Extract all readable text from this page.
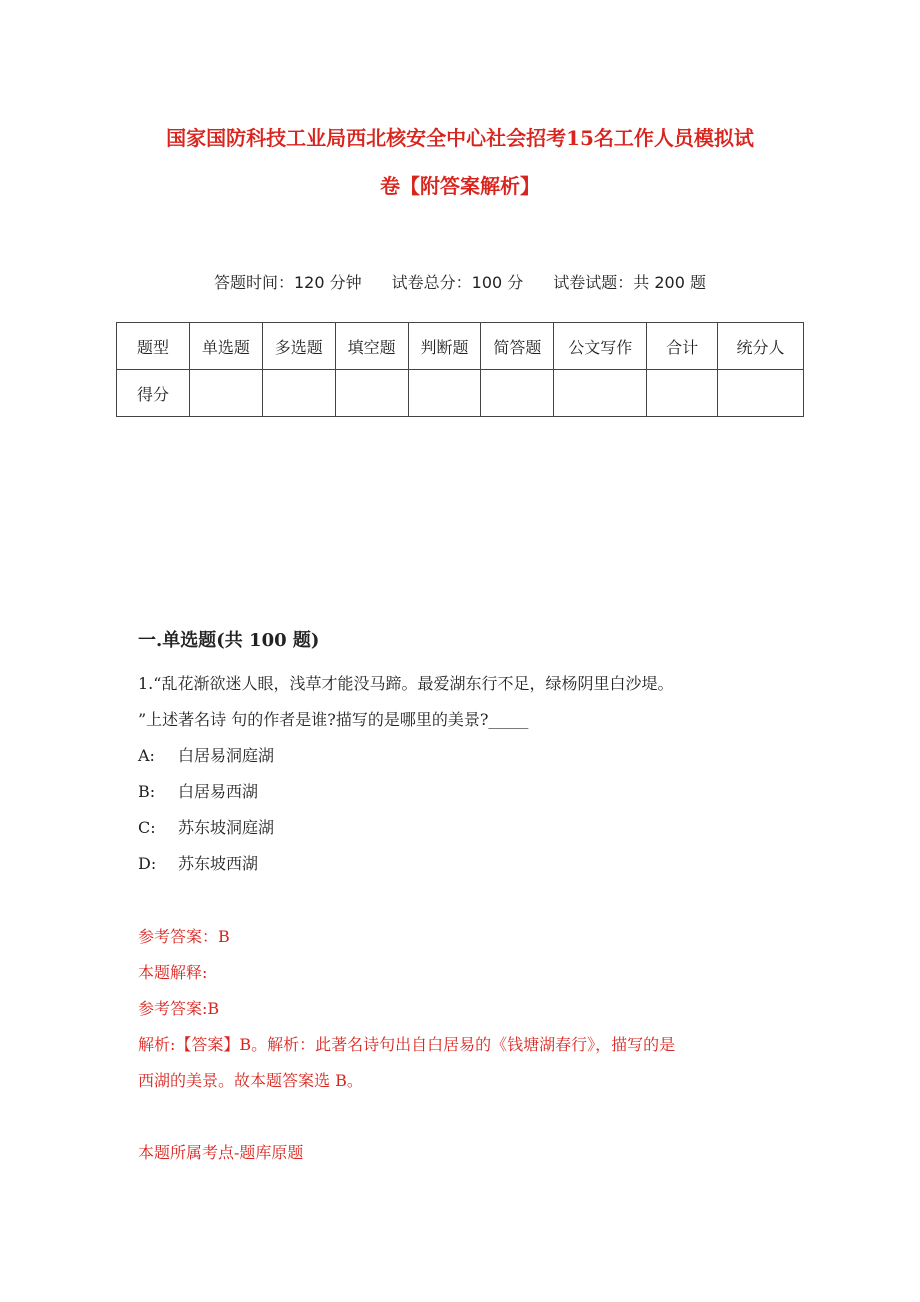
国家国防科技工业局西北核安全中心社会招考15名工作人员模拟试
卷【附答案解析】
答题时间：120 分钟 试卷总分：100 分 试卷试题：共 200 题
题型	单选题	多选题	填空题	判断题	简答题	公文写作	合计	统分人
得分								
一.单选题(共 100 题)
1.“乱花渐欲迷人眼，浅草才能没马蹄。最爱湖东行不足，绿杨阴里白沙堤。
”上述著名诗 句的作者是谁?描写的是哪里的美景?_____
A: 白居易洞庭湖
B: 白居易西湖
C: 苏东坡洞庭湖
D: 苏东坡西湖
参考答案：B
本题解释:
参考答案:B
解析:【答案】B。解析：此著名诗句出自白居易的《钱塘湖春行》，描写的是
西湖的美景。故本题答案选 B。
本题所属考点-题库原题
